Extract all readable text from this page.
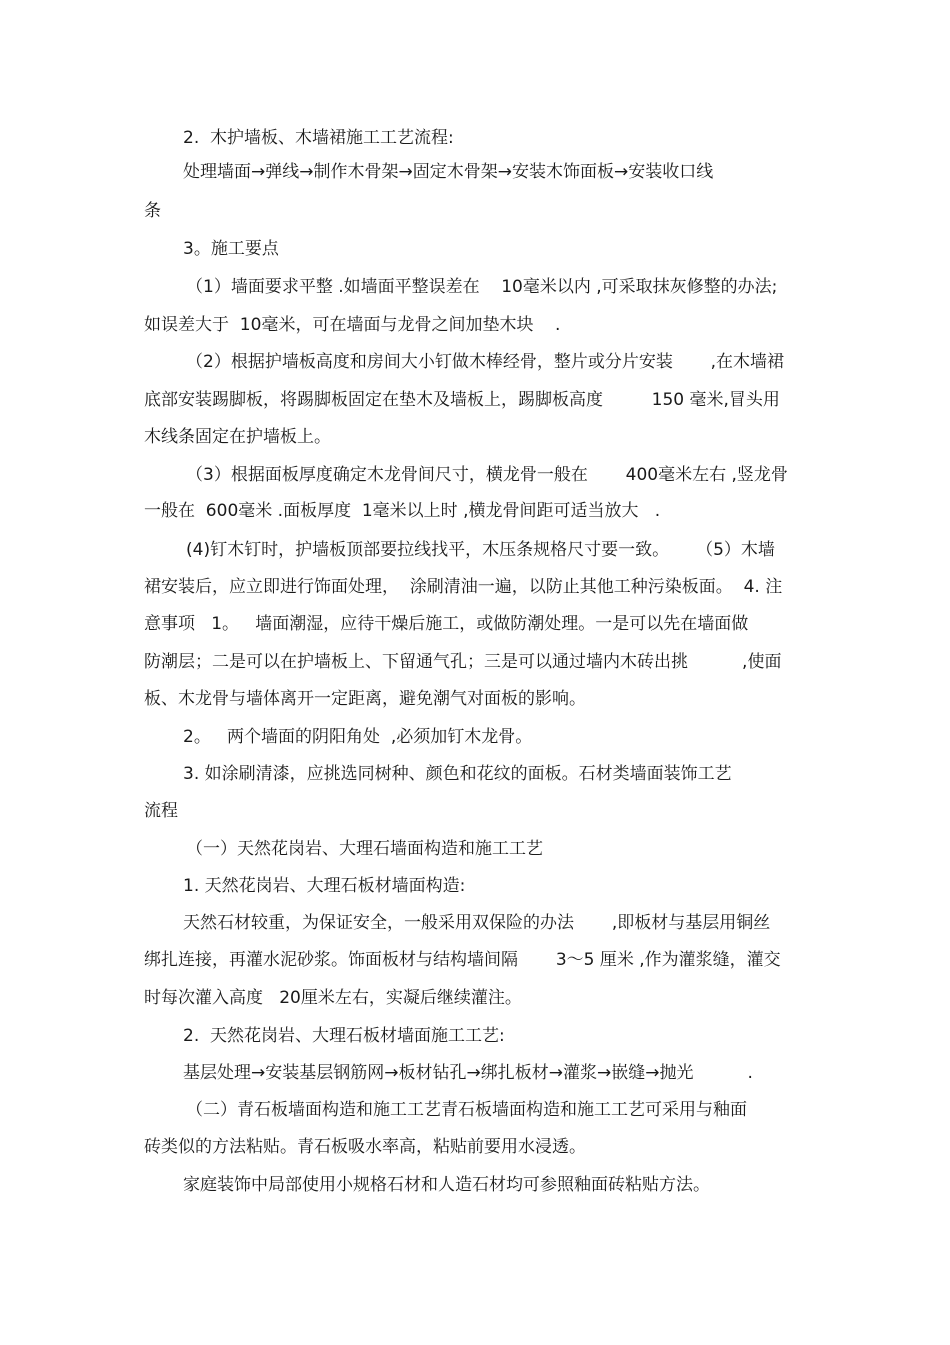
2.  木护墙板、木墙裙施工工艺流程:
处理墙面→弹线→制作木骨架→固定木骨架→安装木饰面板→安装收口线
条
3。施工要点
（1）墙面要求平整 .如墙面平整误差在    10毫米以内 ,可采取抹灰修整的办法;
如误差大于  10毫米，可在墙面与龙骨之间加垫木块    .
（2）根据护墙板高度和房间大小钉做木棒经骨，整片或分片安装       ,在木墙裙
底部安装踢脚板，将踢脚板固定在垫木及墙板上，踢脚板高度         150 毫米,冒头用
木线条固定在护墙板上。
（3）根据面板厚度确定木龙骨间尺寸，横龙骨一般在       400毫米左右 ,竖龙骨
一般在  600毫米 .面板厚度  1毫米以上时 ,横龙骨间距可适当放大   .
(4)钉木钉时，护墙板顶部要拉线找平，木压条规格尺寸要一致。     （5）木墙
裙安装后，应立即进行饰面处理，  涂刷清油一遍，以防止其他工种污染板面。  4. 注
意事项   1。   墙面潮湿，应待干燥后施工，或做防潮处理。一是可以先在墙面做
防潮层；二是可以在护墙板上、下留通气孔；三是可以通过墙内木砖出挑          ,使面
板、木龙骨与墙体离开一定距离，避免潮气对面板的影响。
2。   两个墙面的阴阳角处  ,必须加钉木龙骨。
3. 如涂刷清漆，应挑选同树种、颜色和花纹的面板。石材类墙面装饰工艺
流程
（一）天然花岗岩、大理石墙面构造和施工工艺
1. 天然花岗岩、大理石板材墙面构造:
天然石材较重，为保证安全，一般采用双保险的办法       ,即板材与基层用铜丝
绑扎连接，再灌水泥砂浆。饰面板材与结构墙间隔       3～5 厘米 ,作为灌浆缝，灌交
时每次灌入高度   20厘米左右，实凝后继续灌注。
2.  天然花岗岩、大理石板材墙面施工工艺:
基层处理→安装基层钢筋网→板材钻孔→绑扎板材→灌浆→嵌缝→抛光          .
（二）青石板墙面构造和施工工艺青石板墙面构造和施工工艺可采用与釉面
砖类似的方法粘贴。青石板吸水率高，粘贴前要用水浸透。
家庭装饰中局部使用小规格石材和人造石材均可参照釉面砖粘贴方法。
